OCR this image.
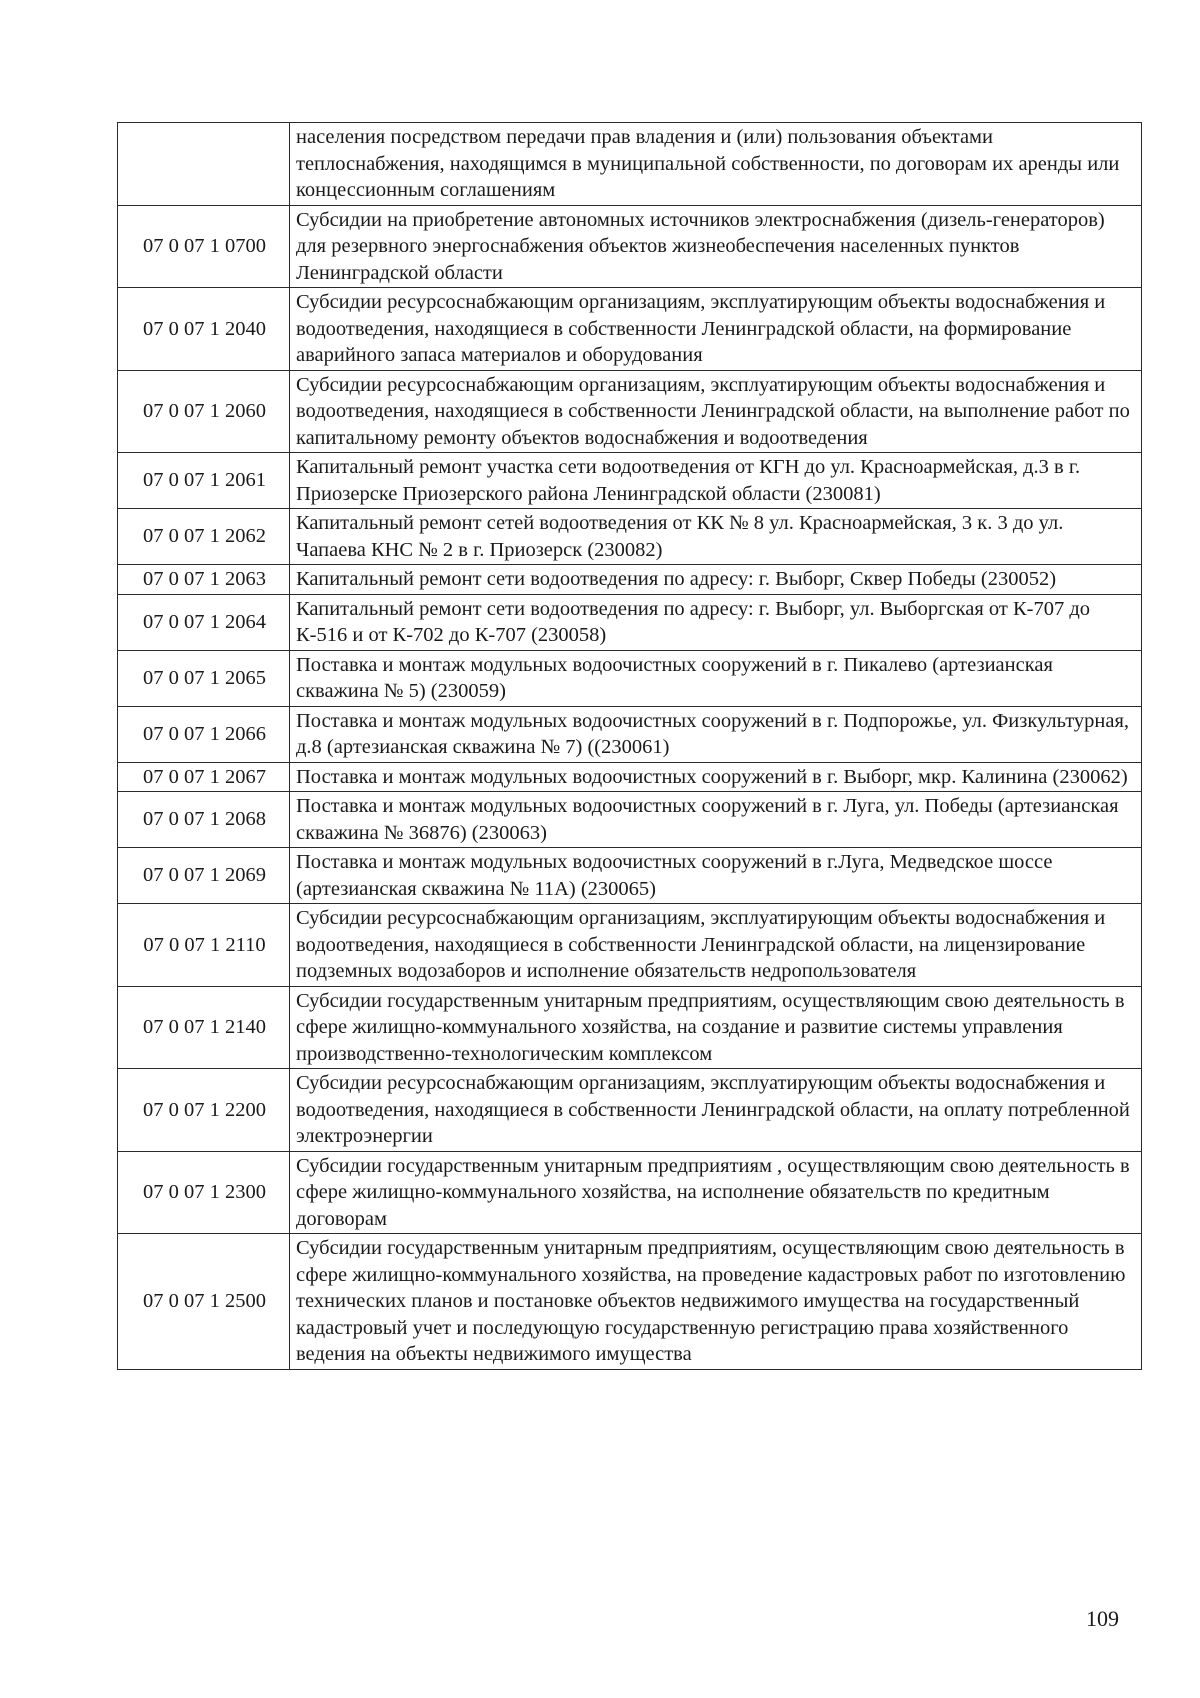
	населения посредством передачи прав владения и (или) пользования объектами теплоснабжения, находящимся в муниципальной собственности, по договорам их аренды или концессионным соглашениям
07 0 07 1 0700	Субсидии на приобретение автономных источников электроснабжения (дизель-генераторов) для резервного энергоснабжения объектов жизнеобеспечения населенных пунктов Ленинградской области
07 0 07 1 2040	Субсидии ресурсоснабжающим организациям, эксплуатирующим объекты водоснабжения и водоотведения, находящиеся в собственности Ленинградской области, на формирование аварийного запаса материалов и оборудования
07 0 07 1 2060	Субсидии ресурсоснабжающим организациям, эксплуатирующим объекты водоснабжения и водоотведения, находящиеся в собственности Ленинградской области, на выполнение работ по капитальному ремонту объектов водоснабжения и водоотведения
07 0 07 1 2061	Капитальный ремонт участка сети водоотведения от КГН до ул. Красноармейская, д.3 в г. Приозерске Приозерского района Ленинградской области (230081)
07 0 07 1 2062	Капитальный ремонт сетей водоотведения от КК № 8 ул. Красноармейская, 3 к. 3 до ул. Чапаева КНС № 2 в г. Приозерск (230082)
07 0 07 1 2063	Капитальный ремонт сети водоотведения по адресу: г. Выборг, Сквер Победы (230052)
07 0 07 1 2064	Капитальный ремонт сети водоотведения по адресу: г. Выборг, ул. Выборгская от К-707 до К-516 и от К-702 до К-707 (230058)
07 0 07 1 2065	Поставка и монтаж модульных водоочистных сооружений в г. Пикалево (артезианская скважина № 5) (230059)
07 0 07 1 2066	Поставка и монтаж модульных водоочистных сооружений в г. Подпорожье, ул. Физкультурная, д.8 (артезианская скважина № 7) ((230061)
07 0 07 1 2067	Поставка и монтаж модульных водоочистных сооружений в г. Выборг, мкр. Калинина (230062)
07 0 07 1 2068	Поставка и монтаж модульных водоочистных сооружений в г. Луга, ул. Победы (артезианская скважина № 36876) (230063)
07 0 07 1 2069	Поставка и монтаж модульных водоочистных сооружений в г.Луга, Медведское шоссе (артезианская скважина № 11А) (230065)
07 0 07 1 2110	Субсидии ресурсоснабжающим организациям, эксплуатирующим объекты водоснабжения и водоотведения, находящиеся в собственности Ленинградской области, на лицензирование подземных водозаборов и исполнение обязательств недропользователя
07 0 07 1 2140	Субсидии государственным унитарным предприятиям, осуществляющим свою деятельность в сфере жилищно-коммунального хозяйства, на создание и развитие системы управления производственно-технологическим комплексом
07 0 07 1 2200	Субсидии ресурсоснабжающим организациям, эксплуатирующим объекты водоснабжения и водоотведения, находящиеся в собственности Ленинградской области, на оплату потребленной электроэнергии
07 0 07 1 2300	Субсидии государственным унитарным предприятиям , осуществляющим свою деятельность в сфере жилищно-коммунального хозяйства, на исполнение обязательств по кредитным договорам
07 0 07 1 2500	Субсидии государственным унитарным предприятиям, осуществляющим свою деятельность в сфере жилищно-коммунального хозяйства, на проведение кадастровых работ по изготовлению технических планов и постановке объектов недвижимого имущества на государственный кадастровый учет и последующую государственную регистрацию права хозяйственного ведения на объекты недвижимого имущества
109
